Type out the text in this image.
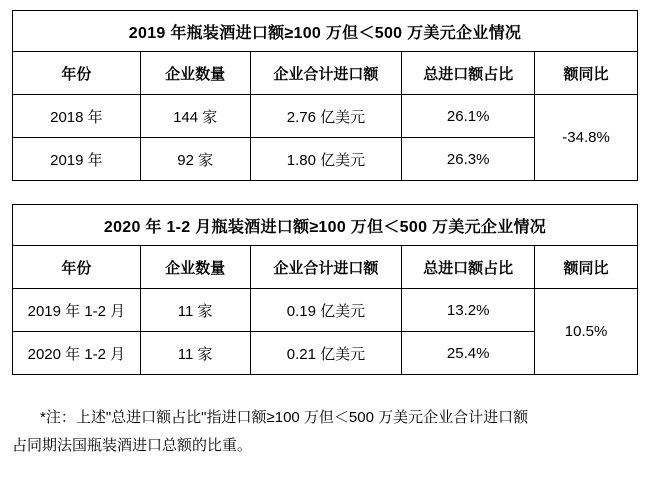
2019 年瓶装酒进口额≥100 万但＜500 万美元企业情况				
年份	企业数量	企业合计进口额	总进口额占比	额同比
2018 年	144 家	2.76 亿美元	26.1%	-34.8%
2019 年	92 家	1.80 亿美元	26.3%	
2020 年 1-2 月瓶装酒进口额≥100 万但＜500 万美元企业情况				
年份	企业数量	企业合计进口额	总进口额占比	额同比
2019 年 1-2 月	11 家	0.19 亿美元	13.2%	10.5%
2020 年 1-2 月	11 家	0.21 亿美元	25.4%	
*注：上述"总进口额占比"指进口额≥100 万但＜500 万美元企业合计进口额
占同期法国瓶装酒进口总额的比重。
